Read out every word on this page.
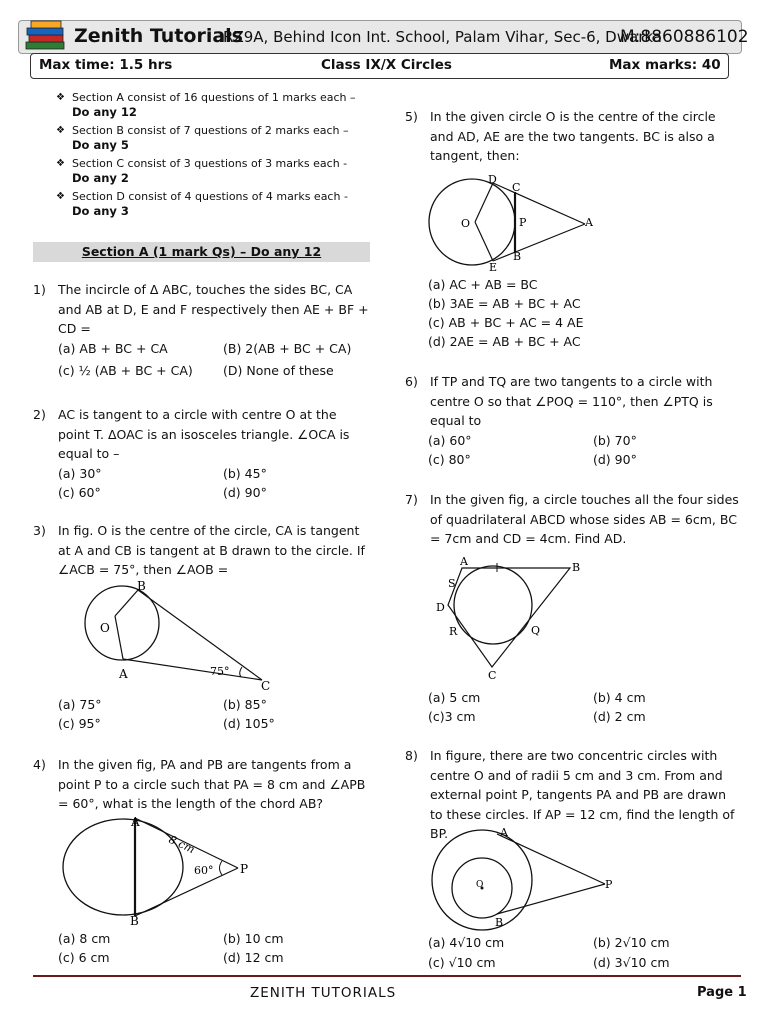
Zenith Tutorials
:RZ9A, Behind Icon Int. School, Palam Vihar, Sec-6, Dwarka
M:8860886102
Max time: 1.5 hrs	Class IX/X Circles	Max marks: 40
❖ Section A consist of 16 questions of 1 marks each –
Do any 12
❖ Section B consist of 7 questions of 2 marks each –
Do any 5
❖ Section C consist of 3 questions of 3 marks each -
Do any 2
❖ Section D consist of 4 questions of 4 marks each -
Do any 3
Section A (1 mark Qs) – Do any 12
1) The incircle of Δ ABC, touches the sides BC, CA and AB at D, E and F respectively then AE + BF + CD =
(a) AB + BC + CA	(B) 2(AB + BC + CA)
(c) ½ (AB + BC + CA) (D) None of these
2) AC is tangent to a circle with centre O at the point T. ΔOAC is an isosceles triangle. ∠OCA is equal to –
(a) 30°	(b) 45°
(c) 60°	(d) 90°
3) In fig. O is the centre of the circle, CA is tangent at A and CB is tangent at B drawn to the circle. If ∠ACB = 75°, then ∠AOB =
O
B
A
C
75°
(a) 75°	(b) 85°
(c) 95°	(d) 105°
4) In the given fig, PA and PB are tangents from a point P to a circle such that PA = 8 cm and ∠APB = 60°, what is the length of the chord AB?
A
B
P
8 cm
60°
(a) 8 cm	(b) 10 cm
(c) 6 cm	(d) 12 cm
5) In the given circle O is the centre of the circle and AD, AE are the two tangents. BC is also a tangent, then:
O
D
C
P	A
B
E
(a) AC + AB = BC
(b) 3AE = AB + BC + AC
(c) AB + BC + AC = 4 AE
(d) 2AE = AB + BC + AC
6) If TP and TQ are two tangents to a circle with centre O so that ∠POQ = 110°, then ∠PTQ is equal to
(a) 60°	(b) 70°
(c) 80°	(d) 90°
7) In the given fig, a circle touches all the four sides of quadrilateral ABCD whose sides AB = 6cm, BC = 7cm and CD = 4cm. Find AD.
A	B
C
D
S
R	Q
(a) 5 cm	(b) 4 cm
(c)3 cm	(d) 2 cm
8) In figure, there are two concentric circles with centre O and of radii 5 cm and 3 cm. From and external point P, tangents PA and PB are drawn to these circles. If AP = 12 cm, find the length of BP.	A
B
P
O
(a) 4√10 cm	(b) 2√10 cm
(c) √10 cm	(d) 3√10 cm
ZENITH TUTORIALS	Page 1
